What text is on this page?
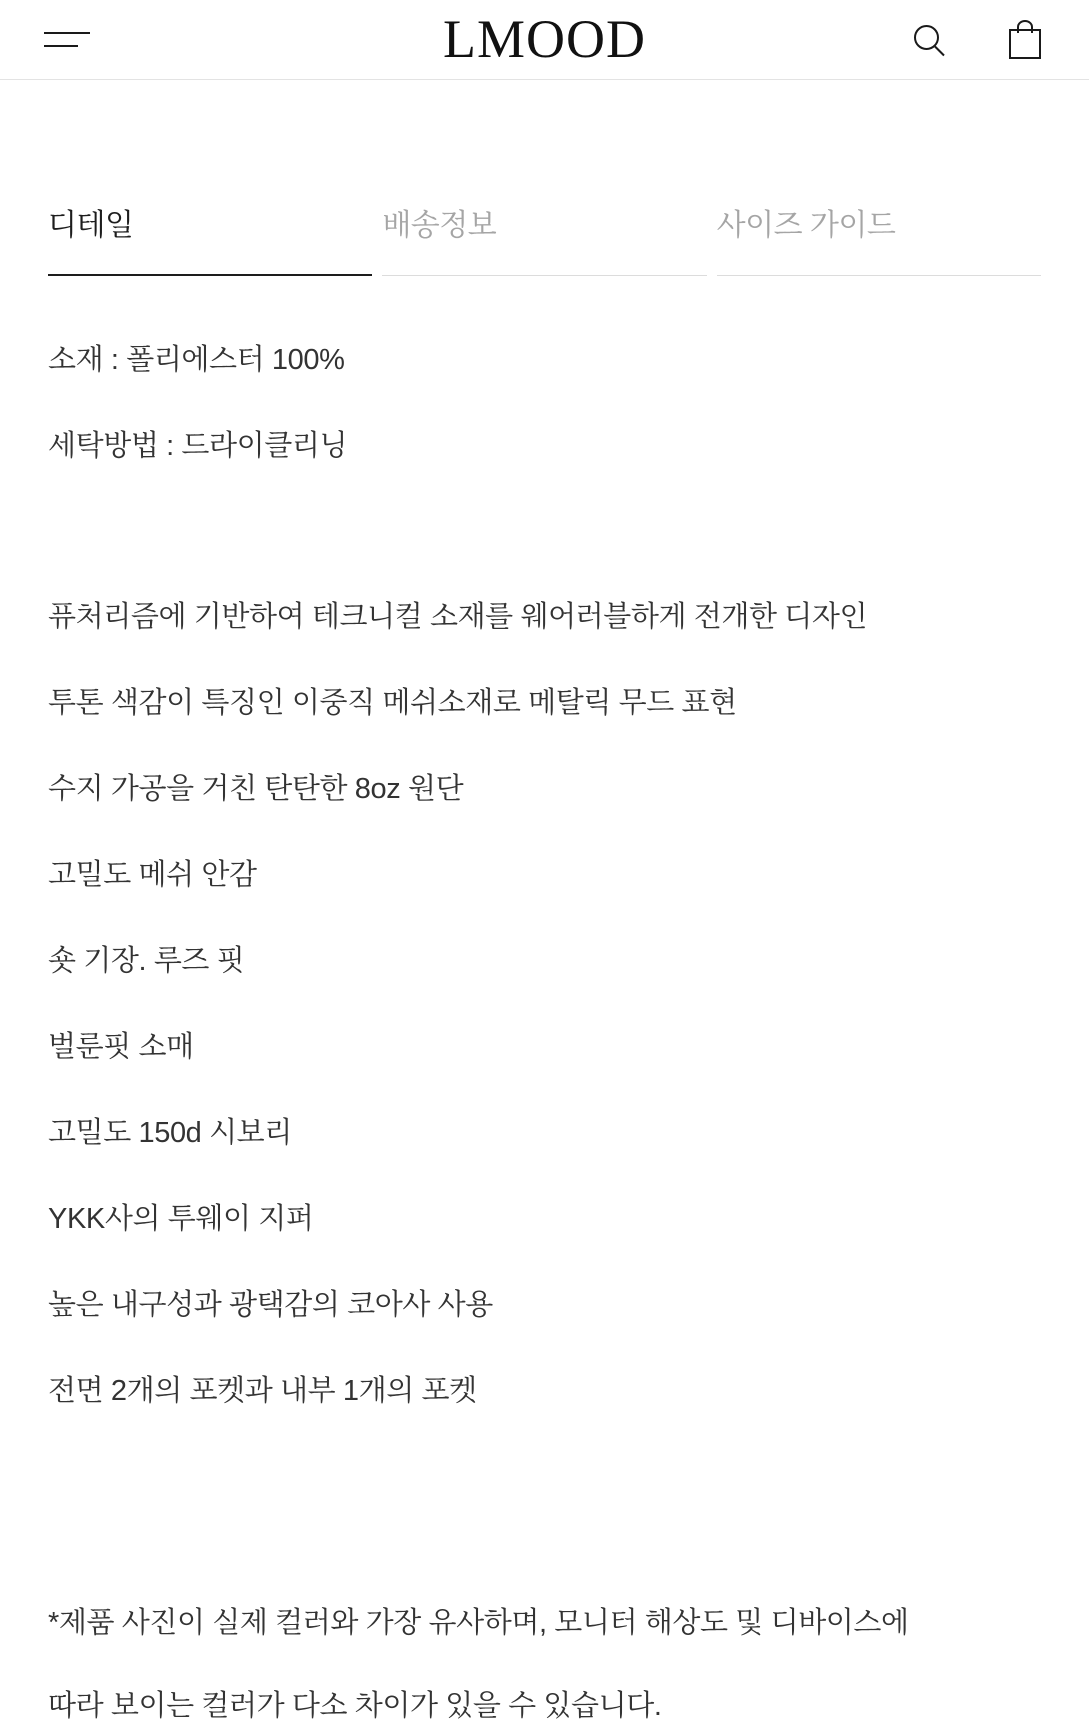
LMOOD
디테일	배송정보	사이즈 가이드

소재 : 폴리에스터 100%

세탁방법 : 드라이클리닝

퓨처리즘에 기반하여 테크니컬 소재를 웨어러블하게 전개한 디자인

투톤 색감이 특징인 이중직 메쉬소재로 메탈릭 무드 표현

수지 가공을 거친 탄탄한 8oz 원단

고밀도 메쉬 안감

숏 기장. 루즈 핏

벌룬핏 소매

고밀도 150d 시보리

YKK사의 투웨이 지퍼

높은 내구성과 광택감의 코아사 사용

전면 2개의 포켓과 내부 1개의 포켓

*제품 사진이 실제 컬러와 가장 유사하며, 모니터 해상도 및 디바이스에

따라 보이는 컬러가 다소 차이가 있을 수 있습니다.
